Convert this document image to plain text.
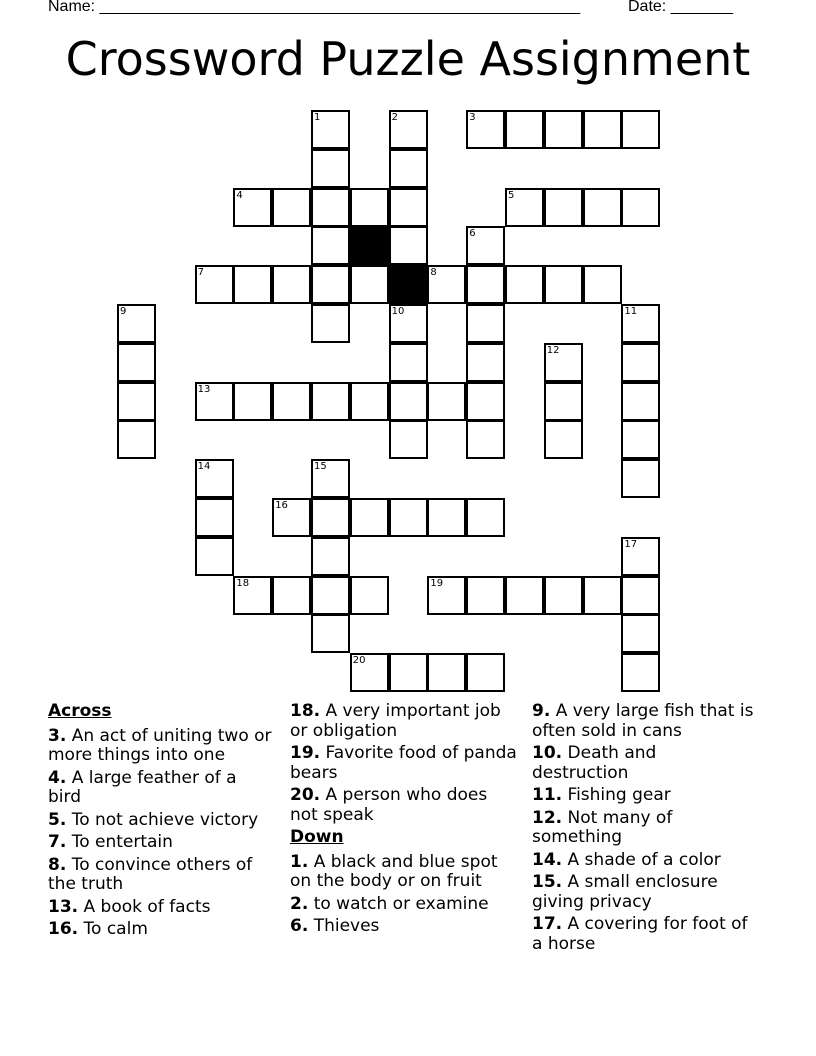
Name: ______________________________________________________	Date: _______
Crossword Puzzle Assignment
1	2	3
4	5
6
7	8
9	10	11
12
13
14	15
16
17
18	19
20
Across
3. An act of uniting two or more things into one
4. A large feather of a bird
5. To not achieve victory
7. To entertain
8. To convince others of the truth
13. A book of facts
16. To calm
18. A very important job or obligation
19. Favorite food of panda bears
20. A person who does not speak
Down
1. A black and blue spot on the body or on fruit
2. to watch or examine
6. Thieves
9. A very large fish that is often sold in cans
10. Death and destruction
11. Fishing gear
12. Not many of something
14. A shade of a color
15. A small enclosure giving privacy
17. A covering for foot of a horse
